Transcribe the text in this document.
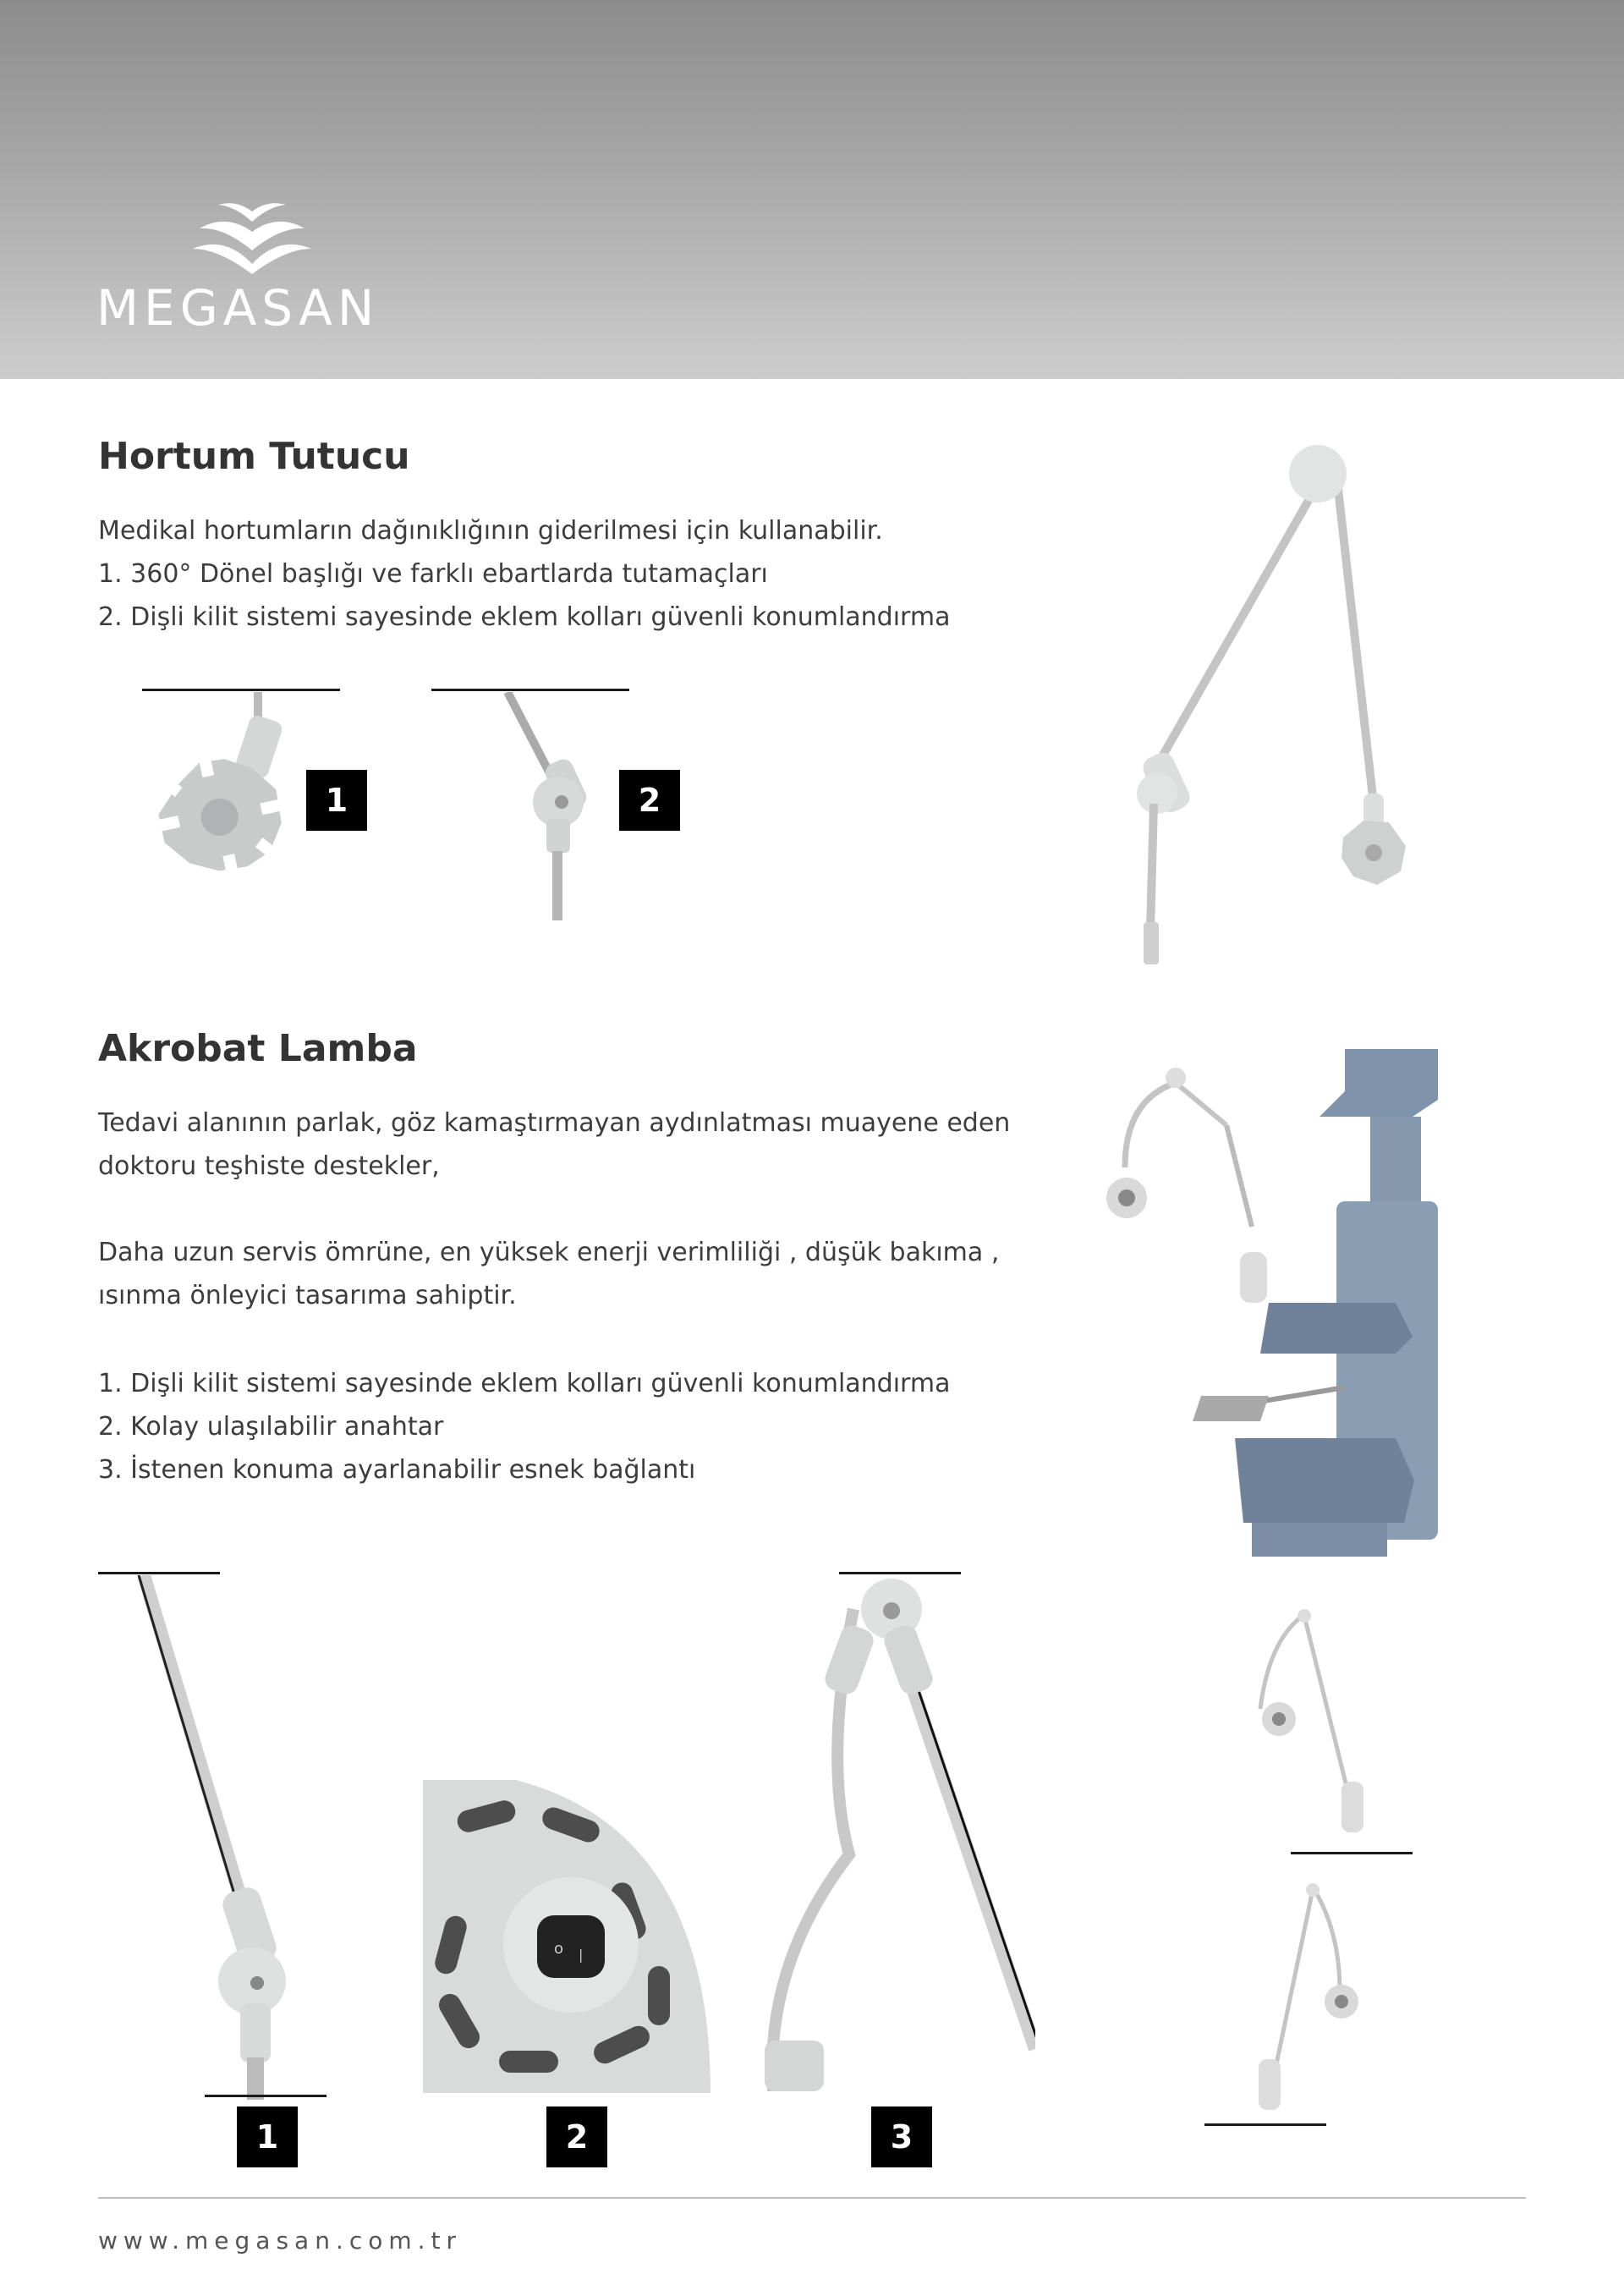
MEGASAN
Hortum Tutucu

Medikal hortumların dağınıklığının giderilmesi için kullanabilir.

1. 360° Dönel başlığı ve farklı ebartlarda tutamaçları
2. Dişli kilit sistemi sayesinde eklem kolları güvenli konumlandırma
1	2
Akrobat Lamba

Tedavi alanının parlak, göz kamaştırmayan aydınlatması muayene eden

doktoru teşhiste destekler,

Daha uzun servis ömrüne, en yüksek enerji verimliliği , düşük bakıma ,

ısınma önleyici tasarıma sahiptir.

1. Dişli kilit sistemi sayesinde eklem kolları güvenli konumlandırma
2. Kolay ulaşılabilir anahtar
3. İstenen konuma ayarlanabilir esnek bağlantı
1
o |
2	3
www.megasan.com.tr
